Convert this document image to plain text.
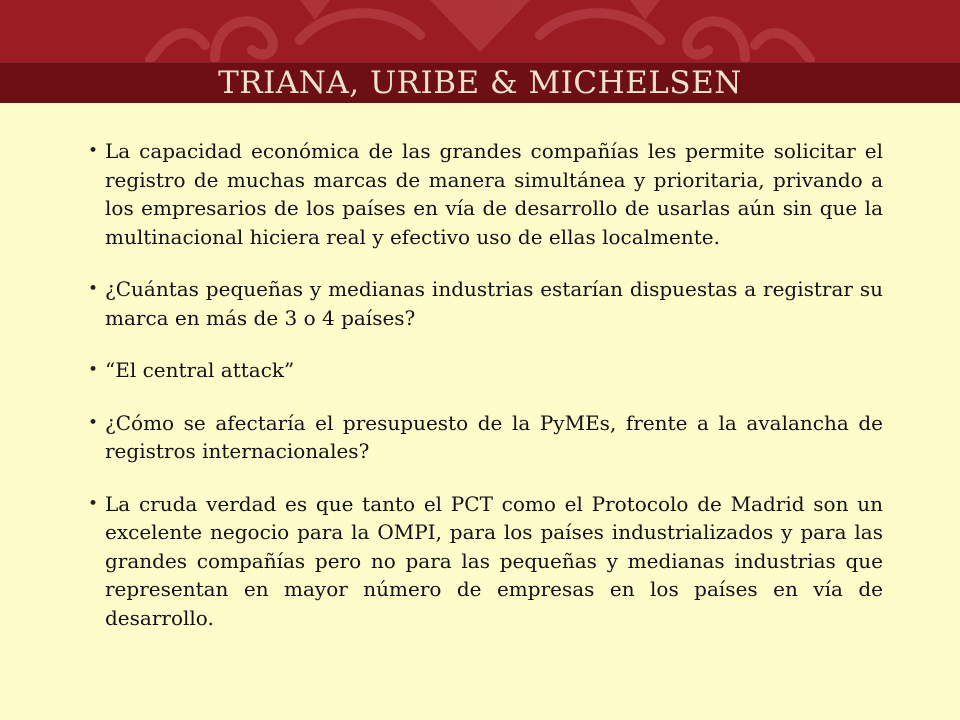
TRIANA, URIBE & MICHELSEN
• La capacidad económica de las grandes compañías les permite solicitar el registro de muchas marcas de manera simultánea y prioritaria, privando a los empresarios de los países en vía de desarrollo de usarlas aún sin que la multinacional hiciera real y efectivo uso de ellas localmente.
• ¿Cuántas pequeñas y medianas industrias estarían dispuestas a registrar su marca en más de 3 o 4 países?
• “El central attack”
• ¿Cómo se afectaría el presupuesto de la PyMEs, frente a la avalancha de registros internacionales?
• La cruda verdad es que tanto el PCT como el Protocolo de Madrid son un excelente negocio para la OMPI, para los países industrializados y para las grandes compañías pero no para las pequeñas y medianas industrias que representan en mayor número de empresas en los países en vía de desarrollo.
